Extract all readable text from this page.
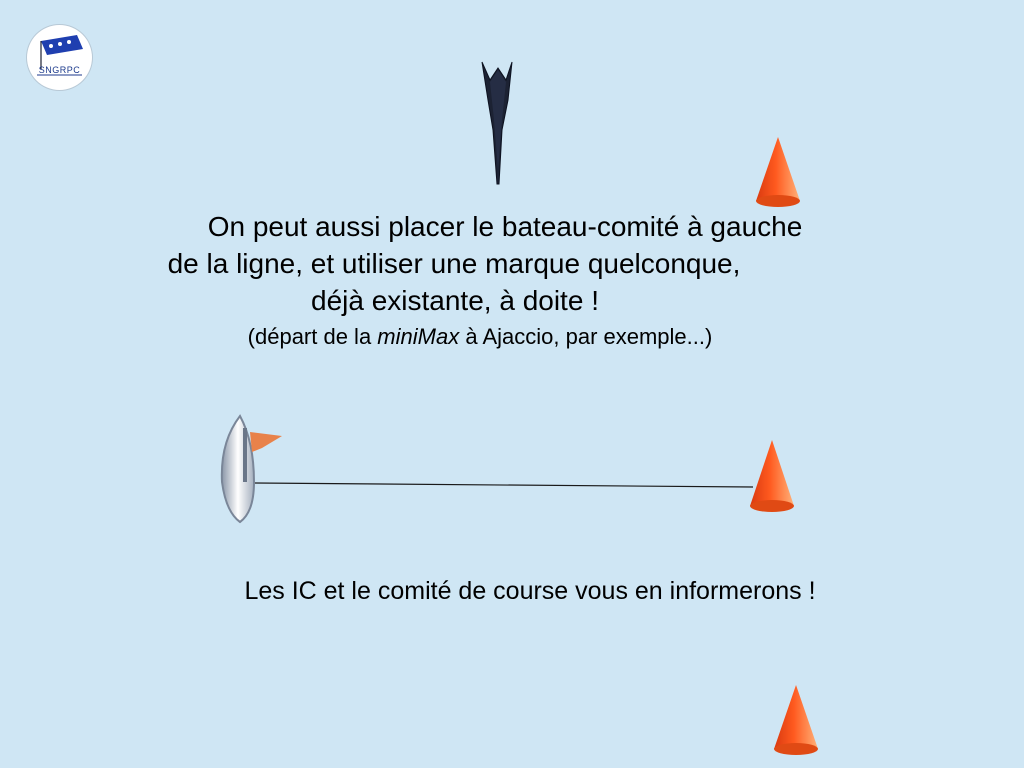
SNGRPC
On peut aussi placer le bateau-comité à gauche
de la ligne, et utiliser une marque quelconque,
déjà existante, à doite !
(départ de la miniMax à Ajaccio, par exemple...)
Les IC et le comité de course vous en informerons !
